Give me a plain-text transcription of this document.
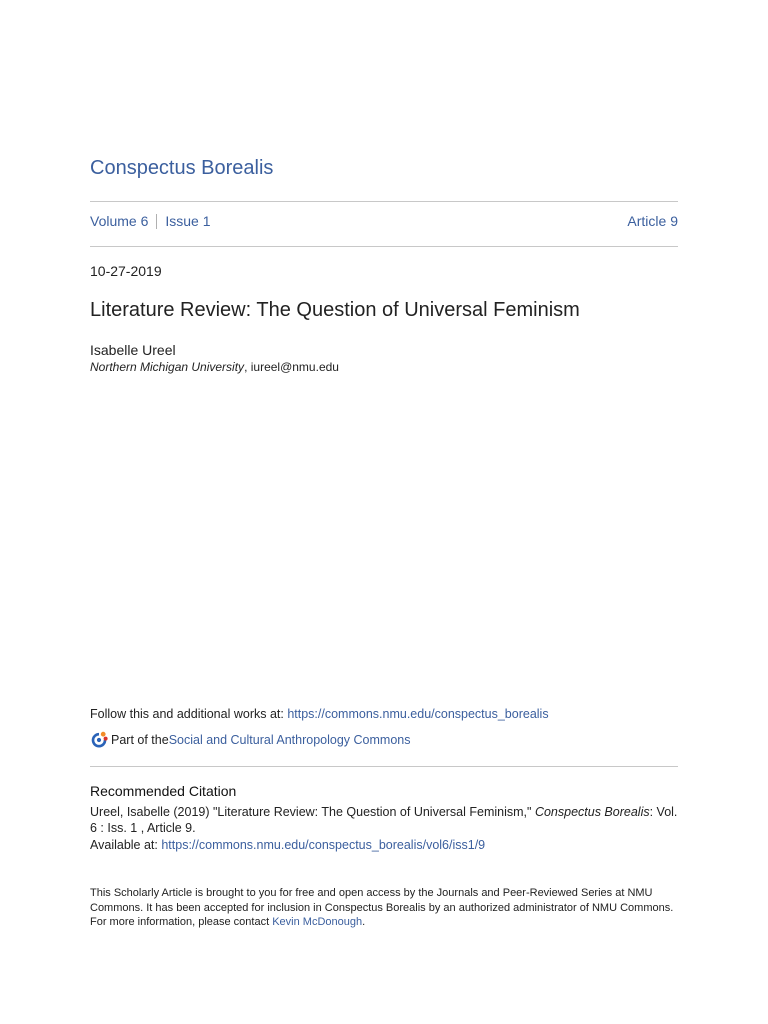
Conspectus Borealis
Volume 6 Issue 1	Article 9
10-27-2019
Literature Review: The Question of Universal Feminism
Isabelle Ureel
Northern Michigan University, iureel@nmu.edu
Follow this and additional works at: https://commons.nmu.edu/conspectus_borealis
Part of the Social and Cultural Anthropology Commons
Recommended Citation
Ureel, Isabelle (2019) "Literature Review: The Question of Universal Feminism," Conspectus Borealis: Vol. 6 : Iss. 1 , Article 9.
Available at: https://commons.nmu.edu/conspectus_borealis/vol6/iss1/9
This Scholarly Article is brought to you for free and open access by the Journals and Peer-Reviewed Series at NMU Commons. It has been accepted for inclusion in Conspectus Borealis by an authorized administrator of NMU Commons. For more information, please contact Kevin McDonough.
